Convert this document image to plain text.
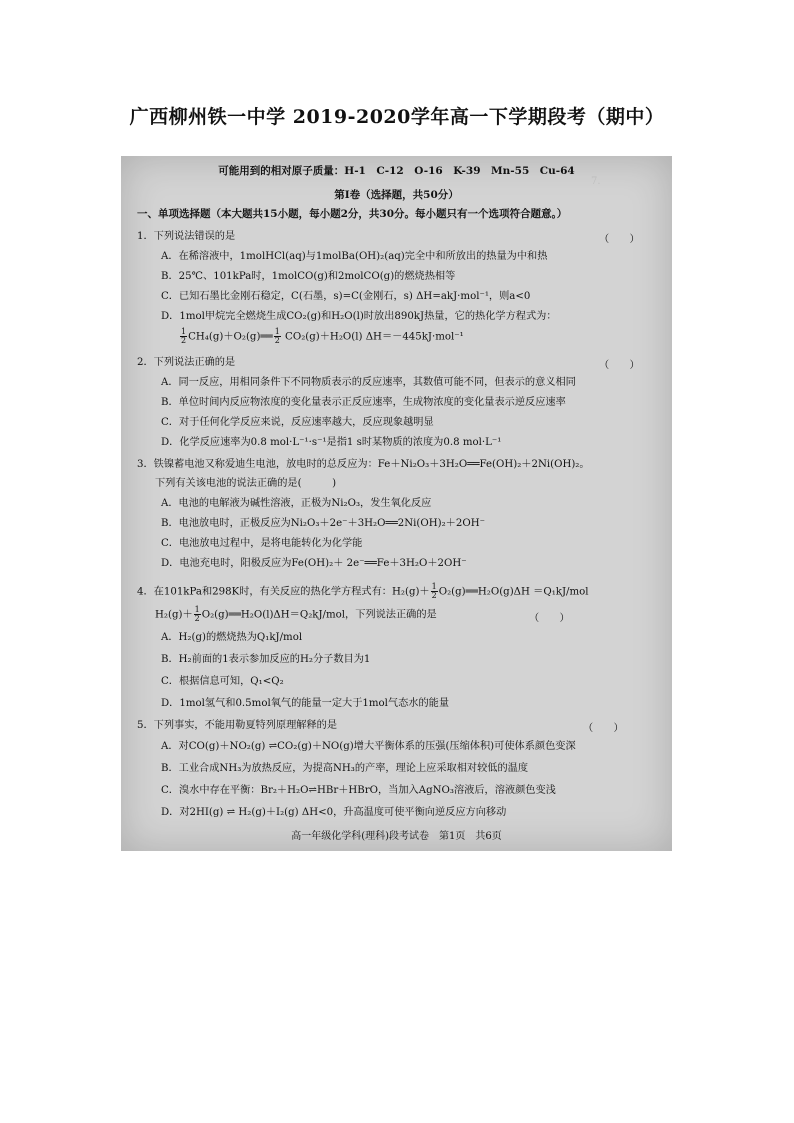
广西柳州铁一中学 2019-2020学年高一下学期段考（期中）
7.
可能用到的相对原子质量：H-1　C-12　O-16　K-39　Mn-55　Cu-64
第Ⅰ卷（选择题，共50分）
一、单项选择题（本大题共15小题，每小题2分，共30分。每小题只有一个选项符合题意。）
1．下列说法错误的是	（　　）
A．在稀溶液中，1molHCl(aq)与1molBa(OH)₂(aq)完全中和所放出的热量为中和热
B．25℃、101kPa时，1molCO(g)和2molCO(g)的燃烧热相等
C．已知石墨比金刚石稳定，C(石墨，s)=C(金刚石，s) ΔH=akJ·mol⁻¹，则a<0
D．1mol甲烷完全燃烧生成CO₂(g)和H₂O(l)时放出890kJ热量，它的热化学方程式为：
$\frac{1}{2}$ CH₄(g)＋O₂(g)══ $\frac{1}{2} CO_2(g)+H_2O(l)$ ΔH＝－445kJ·mol⁻¹
2．下列说法正确的是	（　　）
A．同一反应，用相同条件下不同物质表示的反应速率，其数值可能不同，但表示的意义相同
B．单位时间内反应物浓度的变化量表示正反应速率，生成物浓度的变化量表示逆反应速率
C．对于任何化学反应来说，反应速率越大，反应现象越明显
D．化学反应速率为0.8 mol·L⁻¹·s⁻¹是指1 s时某物质的浓度为0.8 mol·L⁻¹
3．铁镍蓄电池又称爱迪生电池，放电时的总反应为：Fe＋Ni₂O₃＋3H₂O══Fe(OH)₂＋2Ni(OH)₂。
下列有关该电池的说法正确的是(　　　)
A．电池的电解液为碱性溶液，正极为Ni₂O₃，发生氧化反应
B．电池放电时，正极反应为Ni₂O₃＋2e⁻＋3H₂O══2Ni(OH)₂＋2OH⁻
C．电池放电过程中，是将电能转化为化学能
D．电池充电时，阳极反应为Fe(OH)₂＋ 2e⁻══Fe＋3H₂O＋2OH⁻
4．在101kPa和298K时，有关反应的热化学方程式有：$H_2(g)+ \frac{1}{2}$ O₂(g)══H₂O(g)ΔH ＝Q₁kJ/mol
$H_2(g)+ \frac{1}{2}$ O₂(g)══H₂O(l)ΔH＝Q₂kJ/mol，下列说法正确的是	（　　）
A．H₂(g)的燃烧热为Q₁kJ/mol
B．H₂前面的1表示参加反应的H₂分子数目为1
C．根据信息可知，Q₁<Q₂
D．1mol氢气和0.5mol氧气的能量一定大于1mol气态水的能量
5．下列事实，不能用勒夏特列原理解释的是	（　　）
A．对CO(g)＋NO₂(g) ⇌CO₂(g)＋NO(g)增大平衡体系的压强(压缩体积)可使体系颜色变深
B．工业合成NH₃为放热反应，为提高NH₃的产率，理论上应采取相对较低的温度
C．溴水中存在平衡：Br₂＋H₂O⇌HBr＋HBrO，当加入AgNO₃溶液后，溶液颜色变浅
D．对2HI(g) ⇌ H₂(g)＋I₂(g) ΔH<0，升高温度可使平衡向逆反应方向移动
高一年级化学科(理科)段考试卷　第1页　共6页
